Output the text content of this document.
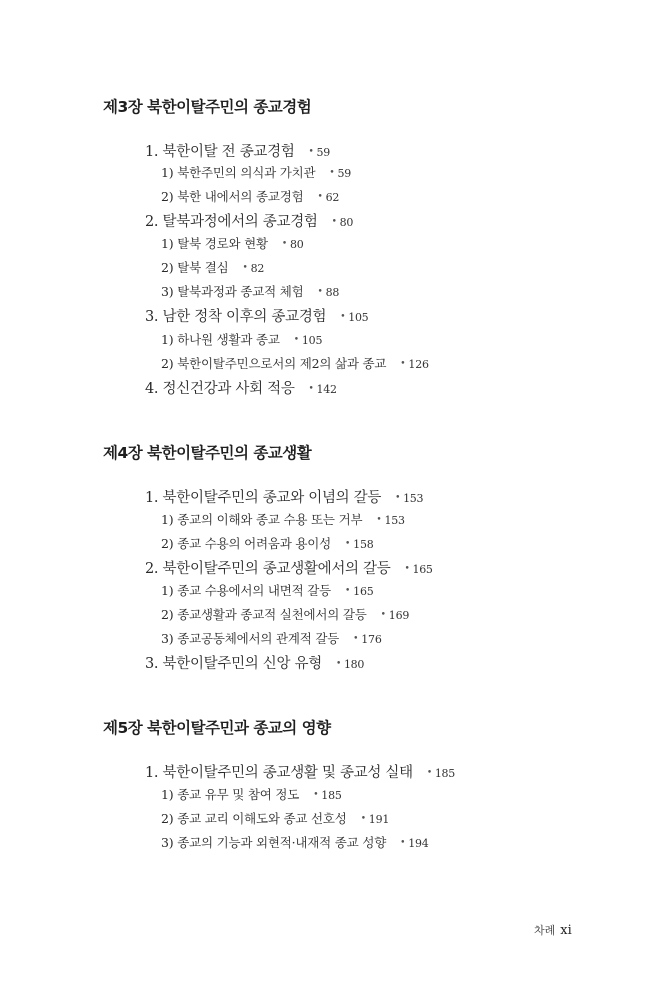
제3장 북한이탈주민의 종교경험
1. 북한이탈 전 종교경험 • 59
1) 북한주민의 의식과 가치관 • 59
2) 북한 내에서의 종교경험 • 62
2. 탈북과정에서의 종교경험 • 80
1) 탈북 경로와 현황 • 80
2) 탈북 결심 • 82
3) 탈북과정과 종교적 체험 • 88
3. 남한 정착 이후의 종교경험 • 105
1) 하나원 생활과 종교 • 105
2) 북한이탈주민으로서의 제2의 삶과 종교 • 126
4. 정신건강과 사회 적응 • 142
제4장 북한이탈주민의 종교생활
1. 북한이탈주민의 종교와 이념의 갈등 • 153
1) 종교의 이해와 종교 수용 또는 거부 • 153
2) 종교 수용의 어려움과 용이성 • 158
2. 북한이탈주민의 종교생활에서의 갈등 • 165
1) 종교 수용에서의 내면적 갈등 • 165
2) 종교생활과 종교적 실천에서의 갈등 • 169
3) 종교공동체에서의 관계적 갈등 • 176
3. 북한이탈주민의 신앙 유형 • 180
제5장 북한이탈주민과 종교의 영향
1. 북한이탈주민의 종교생활 및 종교성 실태 • 185
1) 종교 유무 및 참여 정도 • 185
2) 종교 교리 이해도와 종교 선호성 • 191
3) 종교의 기능과 외현적·내재적 종교 성향 • 194
차례 xi
